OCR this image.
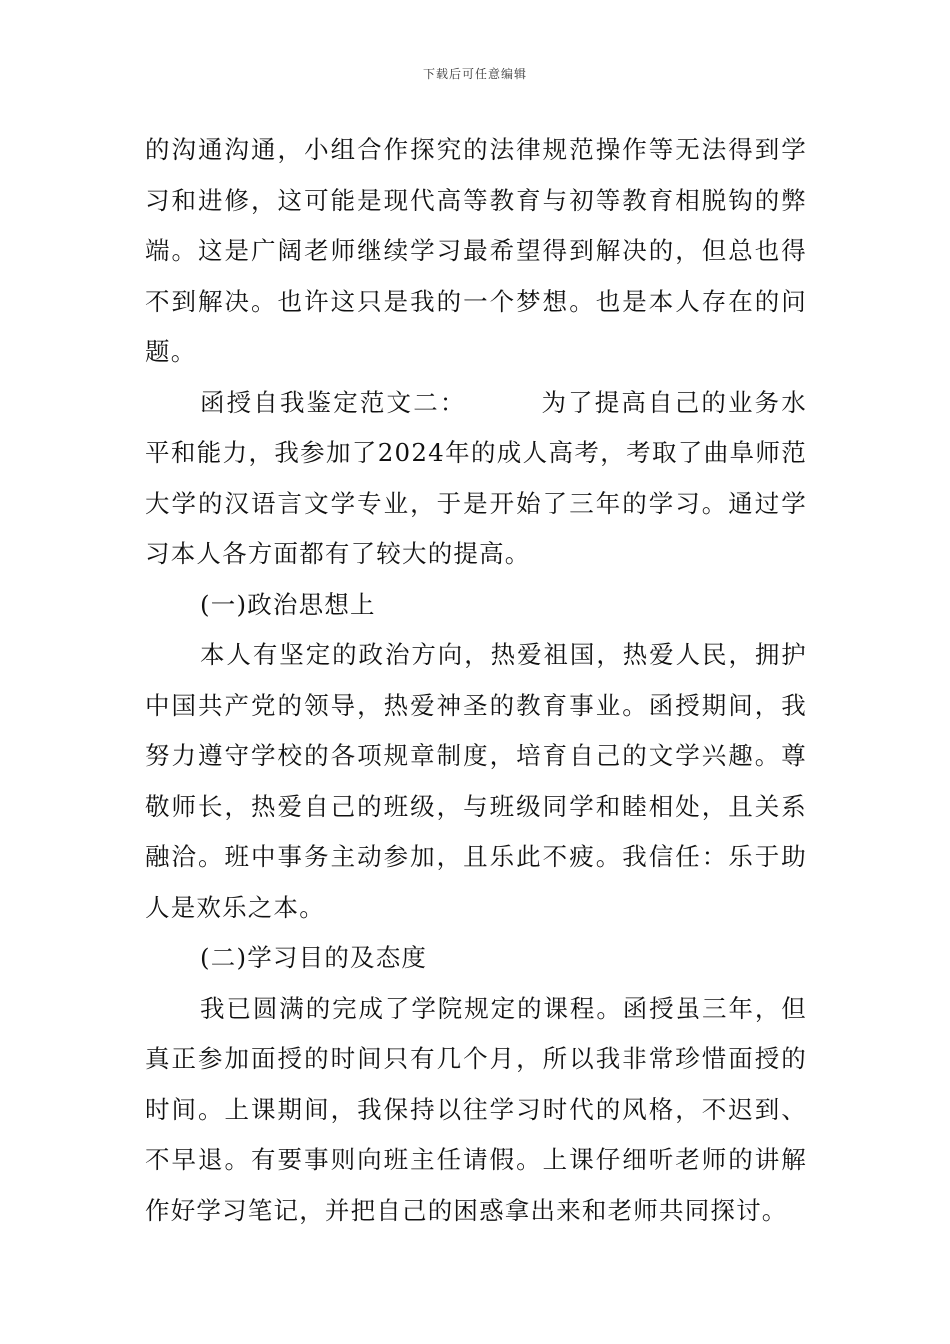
下载后可任意编辑

的沟通沟通，小组合作探究的法律规范操作等无法得到学习和进修，这可能是现代高等教育与初等教育相脱钩的弊端。这是广阔老师继续学习最希望得到解决的，但总也得不到解决。也许这只是我的一个梦想。也是本人存在的问题。

函授自我鉴定范文二：	为了提高自己的业务水平和能力，我参加了2024年的成人高考，考取了曲阜师范大学的汉语言文学专业，于是开始了三年的学习。通过学习本人各方面都有了较大的提高。

(一)政治思想上

本人有坚定的政治方向，热爱祖国，热爱人民，拥护中国共产党的领导，热爱神圣的教育事业。函授期间，我努力遵守学校的各项规章制度，培育自己的文学兴趣。尊敬师长，热爱自己的班级，与班级同学和睦相处，且关系融洽。班中事务主动参加，且乐此不疲。我信任：乐于助人是欢乐之本。

(二)学习目的及态度

我已圆满的完成了学院规定的课程。函授虽三年，但真正参加面授的时间只有几个月，所以我非常珍惜面授的时间。上课期间，我保持以往学习时代的风格，不迟到、不早退。有要事则向班主任请假。上课仔细听老师的讲解作好学习笔记，并把自己的困惑拿出来和老师共同探讨。
